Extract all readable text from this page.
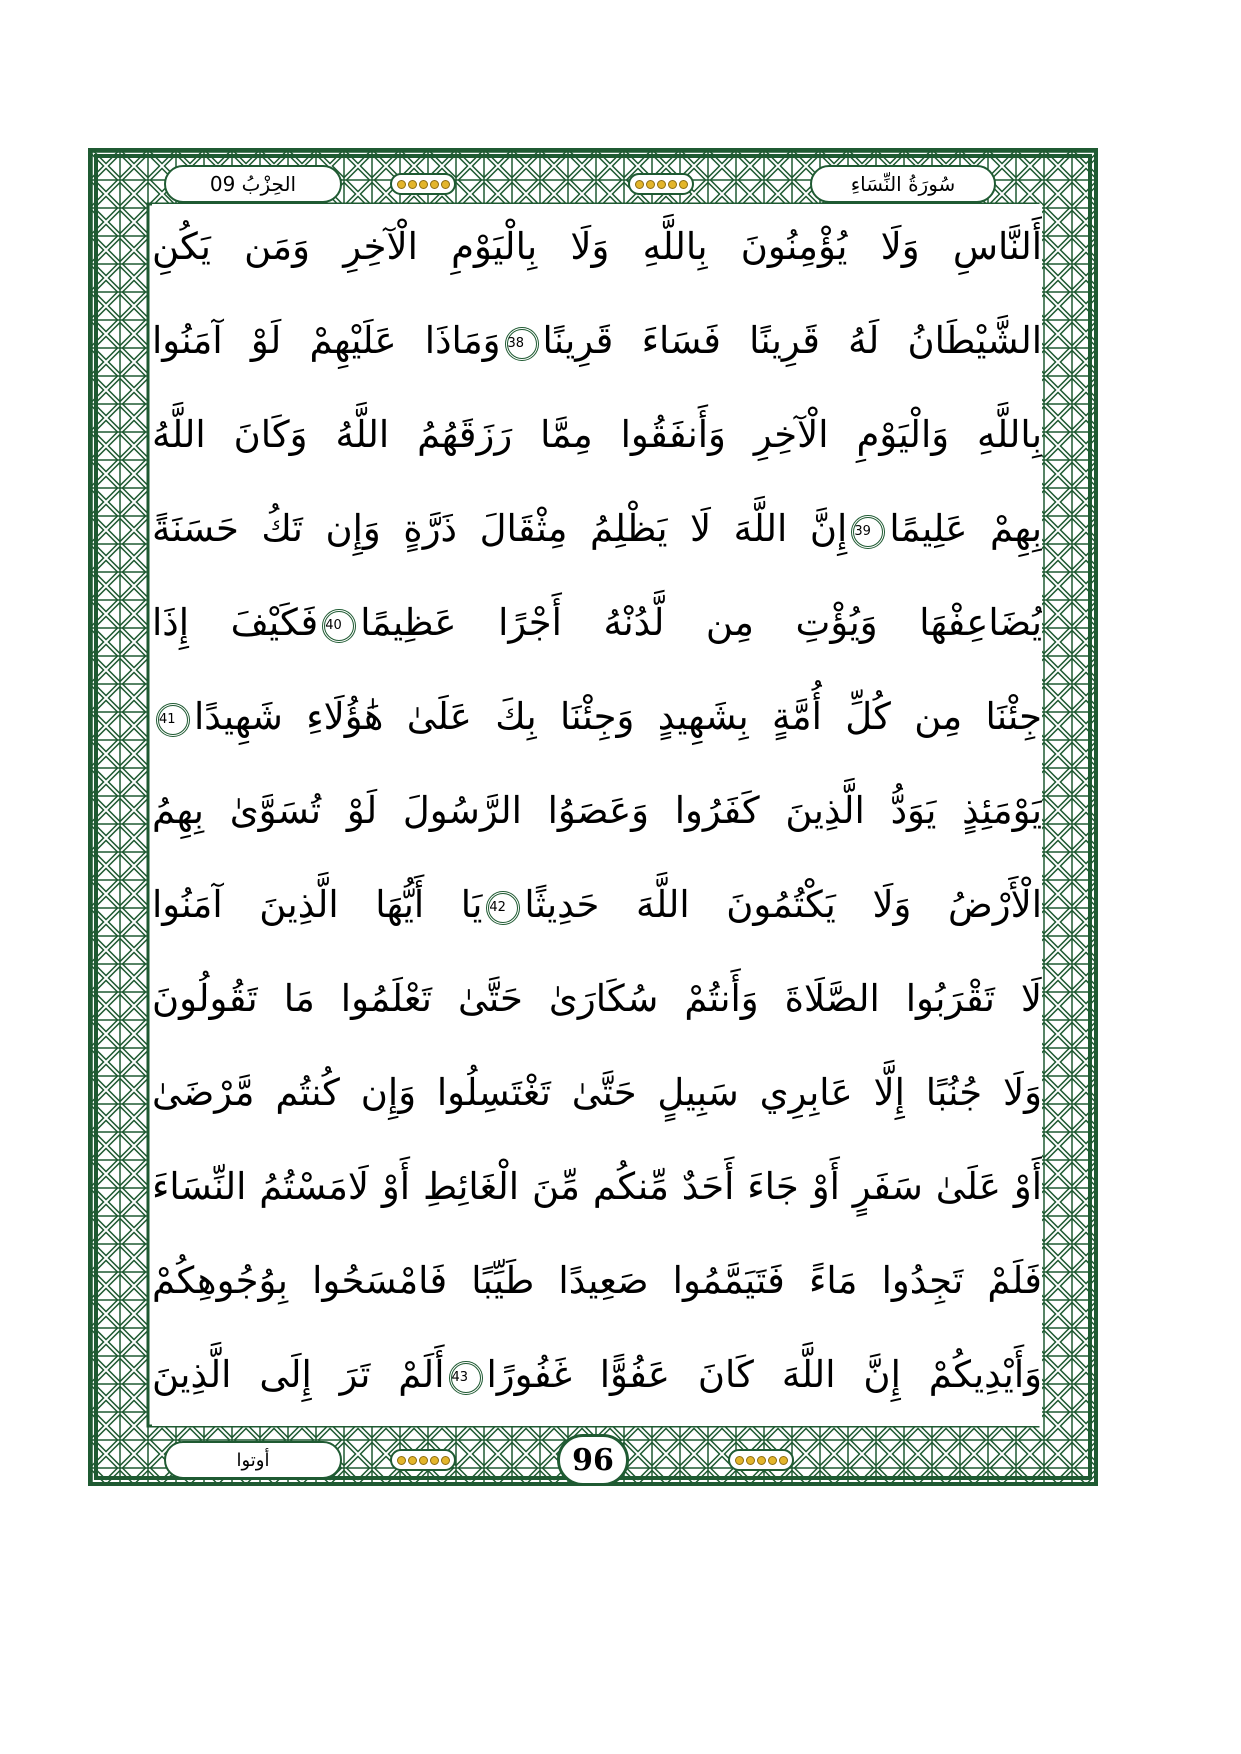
الحِزْبُ 09	سُورَةُ النِّسَاءِ
أوتوا	96
أَلنَّاسِ وَلَا يُؤْمِنُونَ بِاللَّهِ وَلَا بِالْيَوْمِ الْآخِرِ وَمَن يَكُنِ
الشَّيْطَانُ لَهُ قَرِينًا فَسَاءَ قَرِينًا38وَمَاذَا عَلَيْهِمْ لَوْ آمَنُوا
بِاللَّهِ وَالْيَوْمِ الْآخِرِ وَأَنفَقُوا مِمَّا رَزَقَهُمُ اللَّهُ وَكَانَ اللَّهُ
بِهِمْ عَلِيمًا39إِنَّ اللَّهَ لَا يَظْلِمُ مِثْقَالَ ذَرَّةٍ وَإِن تَكُ حَسَنَةً
يُضَاعِفْهَا وَيُؤْتِ مِن لَّدُنْهُ أَجْرًا عَظِيمًا40فَكَيْفَ إِذَا
جِئْنَا مِن كُلِّ أُمَّةٍ بِشَهِيدٍ وَجِئْنَا بِكَ عَلَىٰ هَٰؤُلَاءِ شَهِيدًا41
يَوْمَئِذٍ يَوَدُّ الَّذِينَ كَفَرُوا وَعَصَوُا الرَّسُولَ لَوْ تُسَوَّىٰ بِهِمُ
الْأَرْضُ وَلَا يَكْتُمُونَ اللَّهَ حَدِيثًا42يَا أَيُّهَا الَّذِينَ آمَنُوا
لَا تَقْرَبُوا الصَّلَاةَ وَأَنتُمْ سُكَارَىٰ حَتَّىٰ تَعْلَمُوا مَا تَقُولُونَ
وَلَا جُنُبًا إِلَّا عَابِرِي سَبِيلٍ حَتَّىٰ تَغْتَسِلُوا وَإِن كُنتُم مَّرْضَىٰ
أَوْ عَلَىٰ سَفَرٍ أَوْ جَاءَ أَحَدٌ مِّنكُم مِّنَ الْغَائِطِ أَوْ لَامَسْتُمُ النِّسَاءَ
فَلَمْ تَجِدُوا مَاءً فَتَيَمَّمُوا صَعِيدًا طَيِّبًا فَامْسَحُوا بِوُجُوهِكُمْ
وَأَيْدِيكُمْ إِنَّ اللَّهَ كَانَ عَفُوًّا غَفُورًا43أَلَمْ تَرَ إِلَى الَّذِينَ
